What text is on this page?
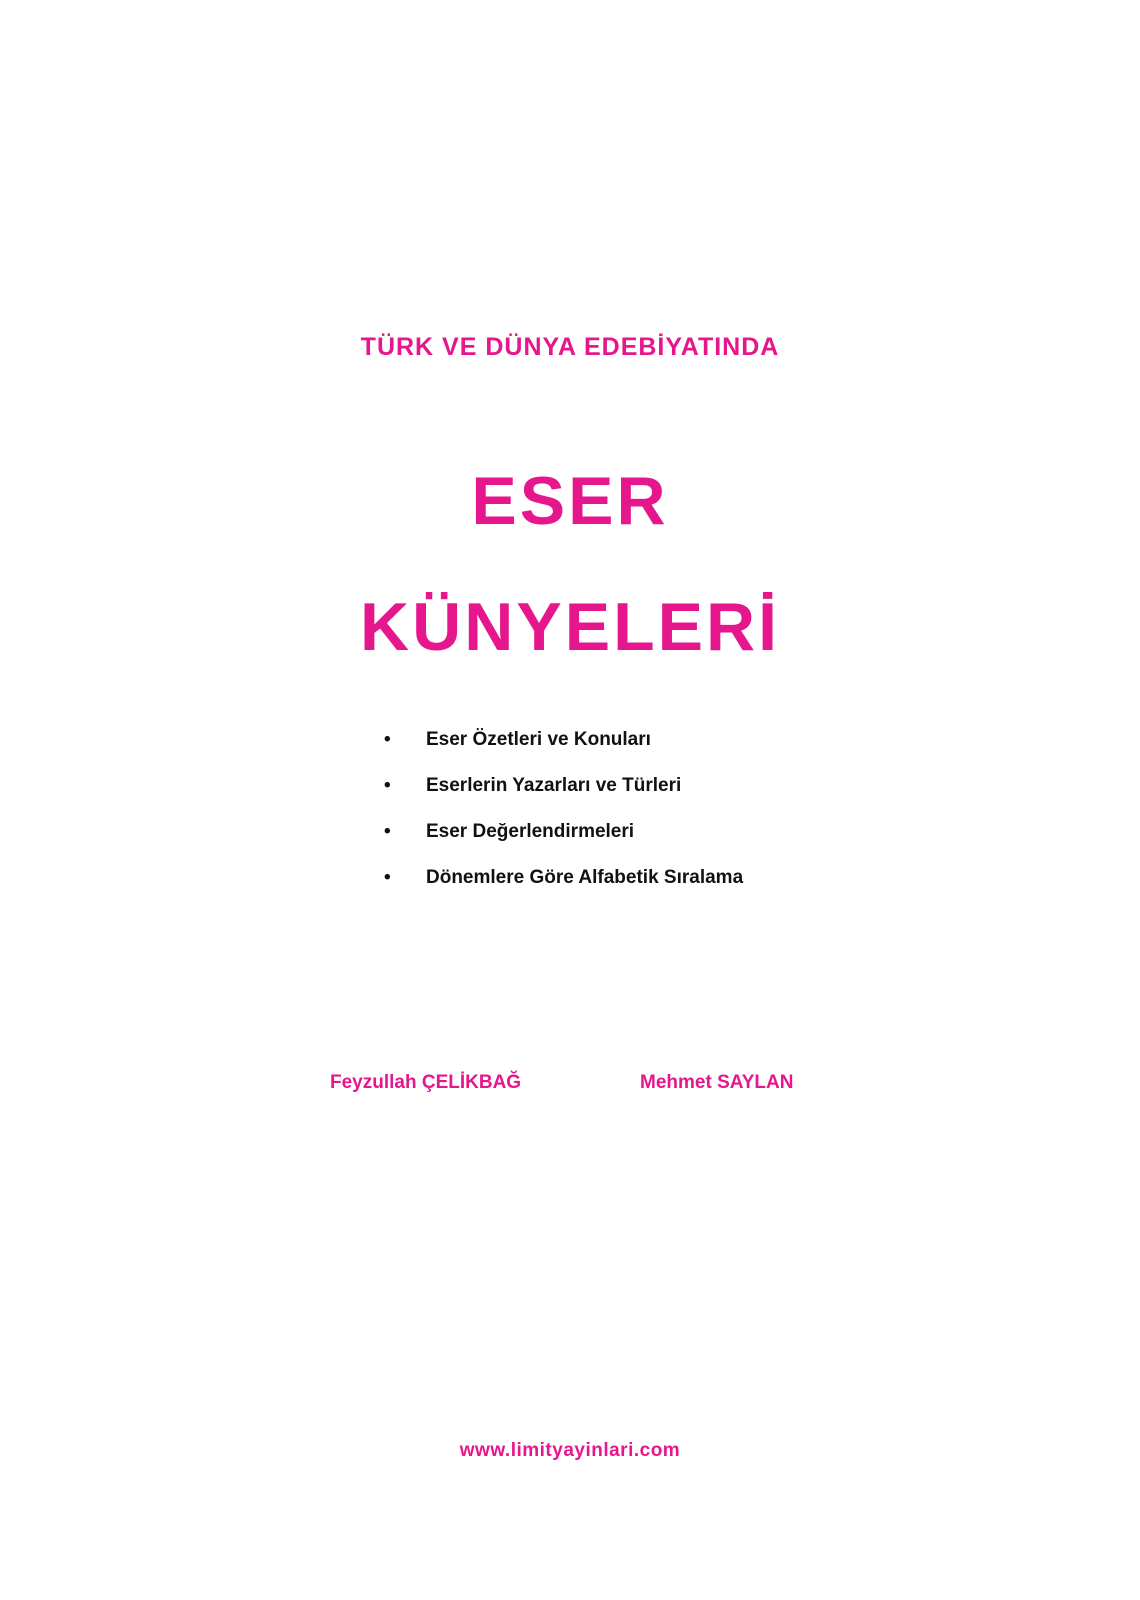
TÜRK VE DÜNYA EDEBİYATINDA
ESER
KÜNYELERİ
• Eser Özetleri ve Konuları
• Eserlerin Yazarları ve Türleri
• Eser Değerlendirmeleri
• Dönemlere Göre Alfabetik Sıralama
Feyzullah ÇELİKBAĞ	Mehmet SAYLAN
www.limityayinlari.com
